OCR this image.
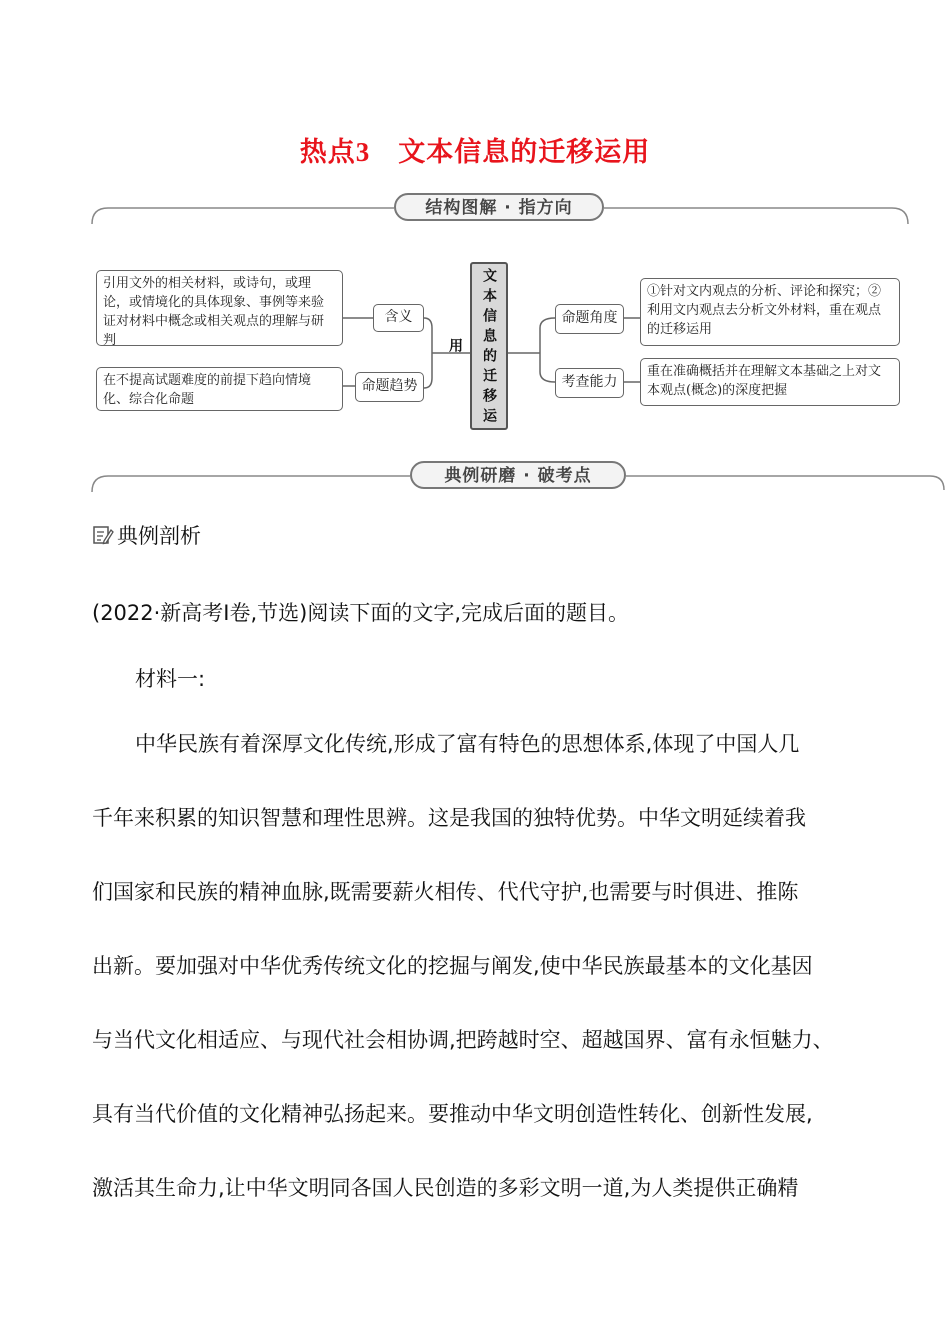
热点3 文本信息的迁移运用
结构图解 · 指方向
典例研磨 · 破考点
文本信息的迁移运用
引用文外的相关材料，或诗句，或理论，或情境化的具体现象、事例等来验证对材料中概念或相关观点的理解与研判
含义
在不提高试题难度的前提下趋向情境化、综合化命题
命题趋势
命题角度
①针对文内观点的分析、评论和探究；②利用文内观点去分析文外材料，重在观点的迁移运用
考查能力
重在准确概括并在理解文本基础之上对文本观点(概念)的深度把握
典例剖析
(2022·新高考Ⅰ卷,节选)阅读下面的文字,完成后面的题目。
材料一:
中华民族有着深厚文化传统,形成了富有特色的思想体系,体现了中国人几
千年来积累的知识智慧和理性思辨。这是我国的独特优势。中华文明延续着我
们国家和民族的精神血脉,既需要薪火相传、代代守护,也需要与时俱进、推陈
出新。要加强对中华优秀传统文化的挖掘与阐发,使中华民族最基本的文化基因
与当代文化相适应、与现代社会相协调,把跨越时空、超越国界、富有永恒魅力、
具有当代价值的文化精神弘扬起来。要推动中华文明创造性转化、创新性发展,
激活其生命力,让中华文明同各国人民创造的多彩文明一道,为人类提供正确精
